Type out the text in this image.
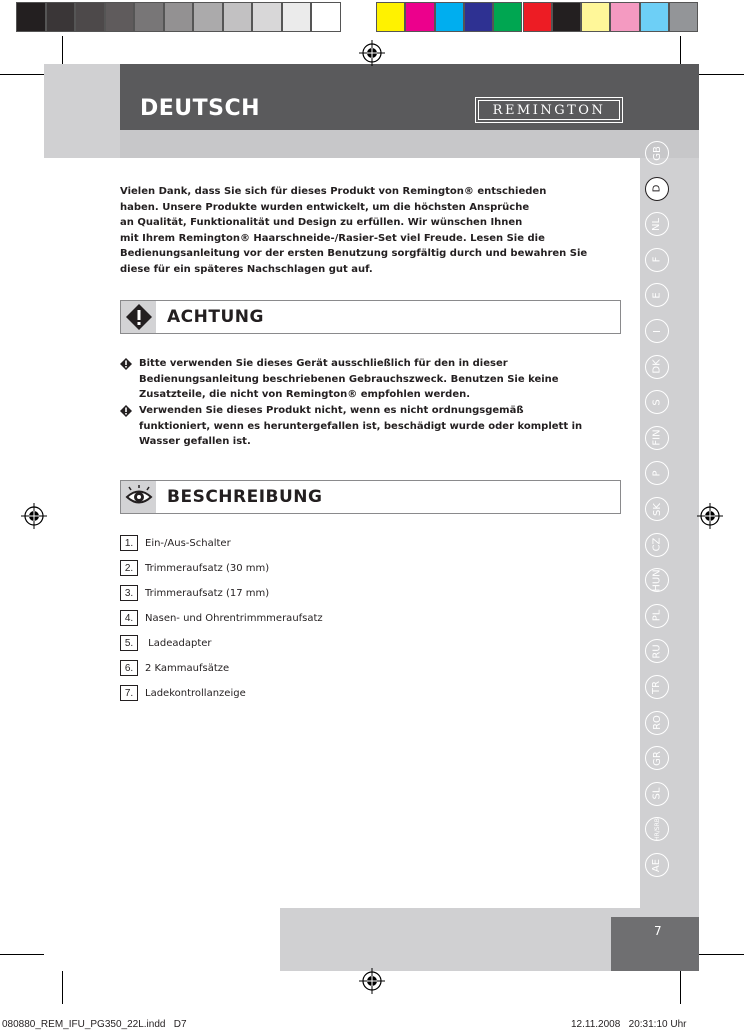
DEUTSCH	REMINGTON
7
GB
D
NL
F
E
I
DK
S
FIN
P
SK
CZ
HUN
PL
RU
TR
RO
GR
SL
HR/SRB
AE
Vielen Dank, dass Sie sich für dieses Produkt von Remington® entschieden
haben. Unsere Produkte wurden entwickelt, um die höchsten Ansprüche
an Qualität, Funktionalität und Design zu erfüllen. Wir wünschen Ihnen
mit Ihrem Remington® Haarschneide-/Rasier-Set viel Freude. Lesen Sie die
Bedienungsanleitung vor der ersten Benutzung sorgfältig durch und bewahren Sie
diese für ein späteres Nachschlagen gut auf.
ACHTUNG
Bitte verwenden Sie dieses Gerät ausschließlich für den in dieser
Bedienungsanleitung beschriebenen Gebrauchszweck. Benutzen Sie keine
Zusatzteile, die nicht von Remington® empfohlen werden.
Verwenden Sie dieses Produkt nicht, wenn es nicht ordnungsgemäß
funktioniert, wenn es heruntergefallen ist, beschädigt wurde oder komplett in
Wasser gefallen ist.
BESCHREIBUNG
1.	Ein-/Aus-Schalter
2.	Trimmeraufsatz (30 mm)
3.	Trimmeraufsatz (17 mm)
4.	Nasen- und Ohrentrimmmeraufsatz
5.	Ladeadapter
6.	2 Kammaufsätze
7.	Ladekontrollanzeige
080880_REM_IFU_PG350_22L.indd   D7	12.11.2008   20:31:10 Uhr
